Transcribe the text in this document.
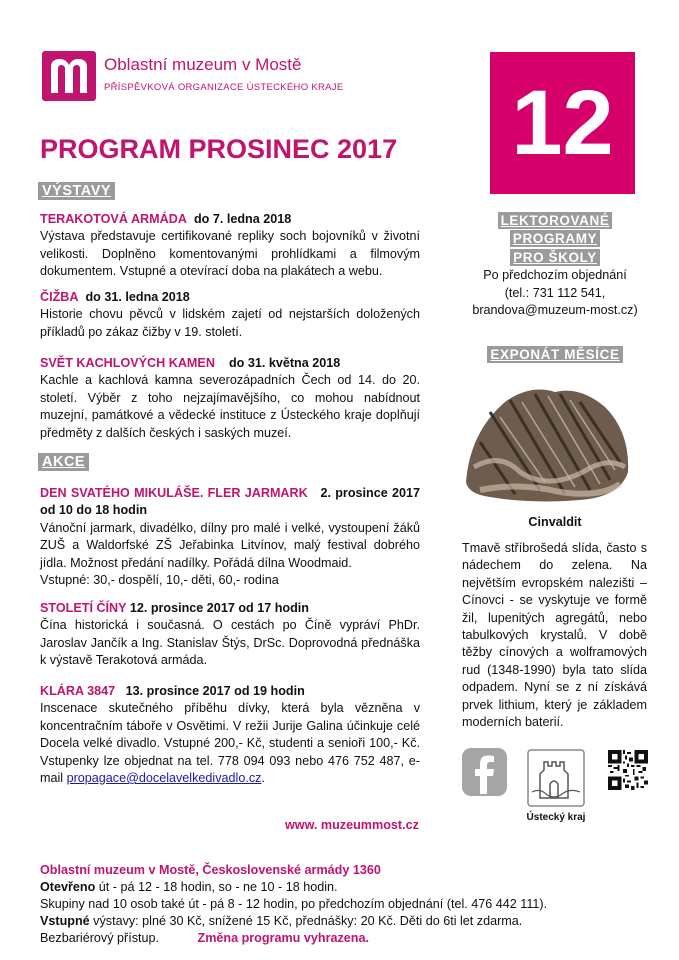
Oblastní muzeum v Mostě
PŘÍSPĚVKOVÁ ORGANIZACE ÚSTECKÉHO KRAJE 12
PROGRAM PROSINEC 2017
VÝSTAVY
TERAKOTOVÁ ARMÁDA do 7. ledna 2018

Výstava představuje certifikované repliky soch bojovníků v životní velikosti. Doplněno komentovanými prohlídkami a filmovým dokumentem. Vstupné a otevírací doba na plakátech a webu.

ČIŽBA do 31. ledna 2018

Historie chovu pěvců v lidském zajetí od nejstarších doložených příkladů po zákaz čižby v 19. století.

SVĚT KACHLOVÝCH KAMEN do 31. května 2018

Kachle a kachlová kamna severozápadních Čech od 14. do 20. století. Výběr z toho nejzajímavějšího, co mohou nabídnout muzejní, památkové a vědecké instituce z Ústeckého kraje doplňují předměty z dalších českých i saských muzeí.

AKCE
DEN SVATÉHO MIKULÁŠE. FLER JARMARK 2. prosince 2017 od 10 do 18 hodin

Vánoční jarmark, divadélko, dílny pro malé i velké, vystoupení žáků ZUŠ a Waldorfské ZŠ Jeřabinka Litvínov, malý festival dobrého jídla. Možnost předání nadílky. Pořádá dílna Woodmaid.

Vstupné: 30,- dospělí, 10,- děti, 60,- rodina

STOLETÍ ČÍNY 12. prosince 2017 od 17 hodin

Čína historická i současná. O cestách po Číně vypráví PhDr. Jaroslav Jančík a Ing. Stanislav Štýs, DrSc. Doprovodná přednáška k výstavě Terakotová armáda.

KLÁRA 3847 13. prosince 2017 od 19 hodin

Inscenace skutečného příběhu dívky, která byla vězněna v koncentračním táboře v Osvětimi. V režii Jurije Galina účinkuje celé Docela velké divadlo. Vstupné 200,- Kč, studenti a senioři 100,- Kč. Vstupenky lze objednat na tel. 778 094 093 nebo 476 752 487, e-mail propagace@docelavelkedivadlo.cz.

www. muzeummost.cz
LEKTOROVANÉ
PROGRAMY
PRO ŠKOLY
Po předchozím objednání
(tel.: 731 112 541,
brandova@muzeum-most.cz)
EXPONÁT MĚSÍCE
Cinvaldit
Tmavě stříbrošedá slída, často s nádechem do zelena. Na největším evropském nalezišti – Cínovci - se vyskytuje ve formě žil, lupenitých agregátů, nebo tabulkových krystalů. V době těžby cínových a wolframových rud (1348-1990) byla tato slída odpadem. Nyní se z ní získává prvek lithium, který je základem moderních baterií.
Ústecký kraj
Oblastní muzeum v Mostě, Československé armády 1360
Otevřeno út - pá 12 - 18 hodin, so - ne 10 - 18 hodin.
Skupiny nad 10 osob také út - pá 8 - 12 hodin, po předchozím objednání (tel. 476 442 111).
Vstupné výstavy: plné 30 Kč, snížené 15 Kč, přednášky: 20 Kč. Děti do 6ti let zdarma.
Bezbariérový přístup.	Změna programu vyhrazena.
